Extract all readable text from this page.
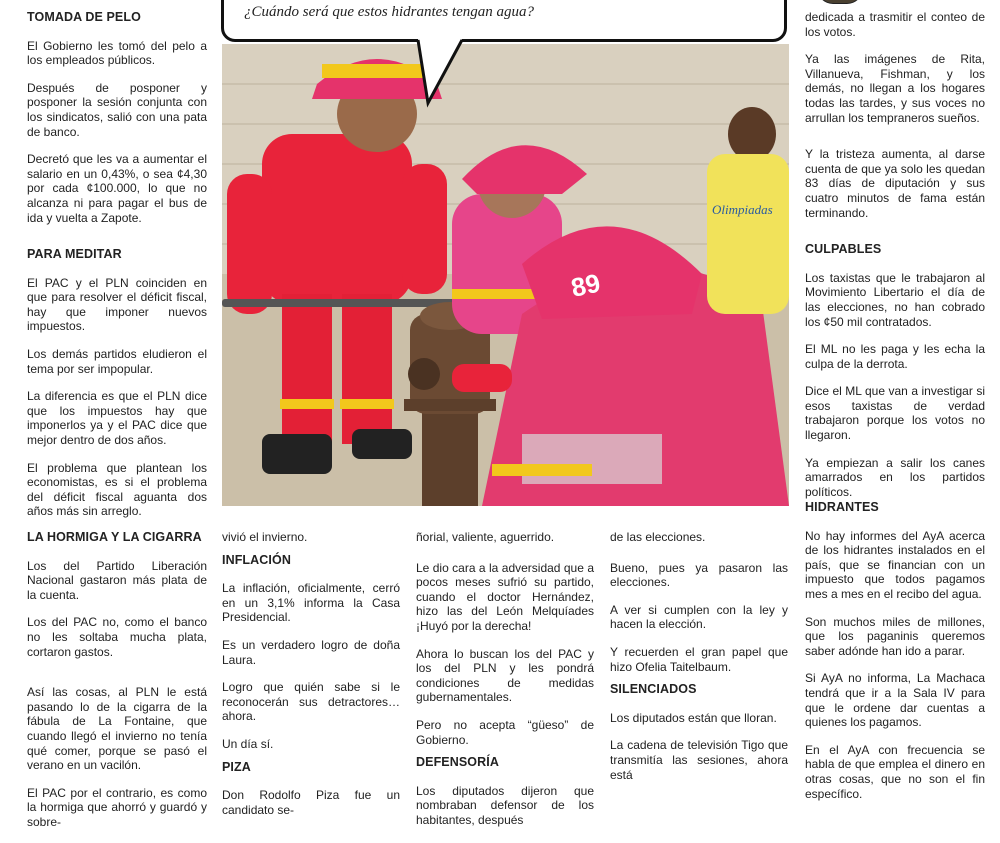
TOMADA DE PELO

El Gobierno les tomó del pelo a los empleados públicos.

Después de posponer y posponer la sesión conjunta con los sindicatos, salió con una pata de banco.

Decretó que les va a aumentar el salario en un 0,43%, o sea ¢4,30 por cada ¢100.000, lo que no alcanza ni para pagar el bus de ida y vuelta a Zapote.

PARA MEDITAR

El PAC y el PLN coinciden en que para resolver el déficit fiscal, hay que imponer nuevos impuestos.

Los demás partidos eludieron el tema por ser impopular.

La diferencia es que el PLN dice que los impuestos hay que imponerlos ya y el PAC dice que mejor dentro de dos años.

El problema que plantean los economistas, es si el problema del déficit fiscal aguanta dos años más sin arreglo.

LA HORMIGA Y LA CIGARRA

Los del Partido Liberación Nacional gastaron más plata de la cuenta.

Los del PAC no, como el banco no les soltaba mucha plata, cortaron gastos.

Así las cosas, al PLN le está pasando lo de la cigarra de la fábula de La Fontaine, que cuando llegó el invierno no tenía qué comer, porque se pasó el verano en un vacilón.

El PAC por el contrario, es como la hormiga que ahorró y guardó y sobre-

¿Cuándo será que estos hidrantes tengan agua?
89
Olimpiadas

vivió el invierno.

INFLACIÓN

La inflación, oficialmente, cerró en un 3,1% informa la Casa Presidencial.

Es un verdadero logro de doña Laura.

Logro que quién sabe si le reconocerán sus detractores… ahora.

Un día sí.

PIZA

Don Rodolfo Piza fue un candidato se-

ñorial, valiente, aguerrido.

Le dio cara a la adversidad que a pocos meses sufrió su partido, cuando el doctor Hernández, hizo las del León Melquíades ¡Huyó por la derecha!

Ahora lo buscan los del PAC y los del PLN y les pondrá condiciones de medidas gubernamentales.

Pero no acepta “güeso” de Gobierno.

DEFENSORÍA

Los diputados dijeron que nombraban defensor de los habitantes, después

de las elecciones.

Bueno, pues ya pasaron las elecciones.

A ver si cumplen con la ley y hacen la elección.

Y recuerden el gran papel que hizo Ofelia Taitelbaum.

SILENCIADOS

Los diputados están que lloran.

La cadena de televisión Tigo que transmitía las sesiones, ahora está

dedicada a trasmitir el conteo de los votos.

Ya las imágenes de Rita, Villanueva, Fishman, y los demás, no llegan a los hogares todas las tardes, y sus voces no arrullan los tempraneros sueños.

Y la tristeza aumenta, al darse cuenta de que ya solo les quedan 83 días de diputación y sus cuatro minutos de fama están terminando.

CULPABLES

Los taxistas que le trabajaron al Movimiento Libertario el día de las elecciones, no han cobrado los ¢50 mil contratados.

El ML no les paga y les echa la culpa de la derrota.

Dice el ML que van a investigar si esos taxistas de verdad trabajaron porque los votos no llegaron.

Ya empiezan a salir los canes amarrados en los partidos políticos.

HIDRANTES

No hay informes del AyA acerca de los hidrantes instalados en el país, que se financian con un impuesto que todos pagamos mes a mes en el recibo del agua.

Son muchos miles de millones, que los paganinis queremos saber adónde han ido a parar.

Si AyA no informa, La Machaca tendrá que ir a la Sala IV para que le ordene dar cuentas a quienes los pagamos.

En el AyA con frecuencia se habla de que emplea el dinero en otras cosas, que no son el fin específico.
